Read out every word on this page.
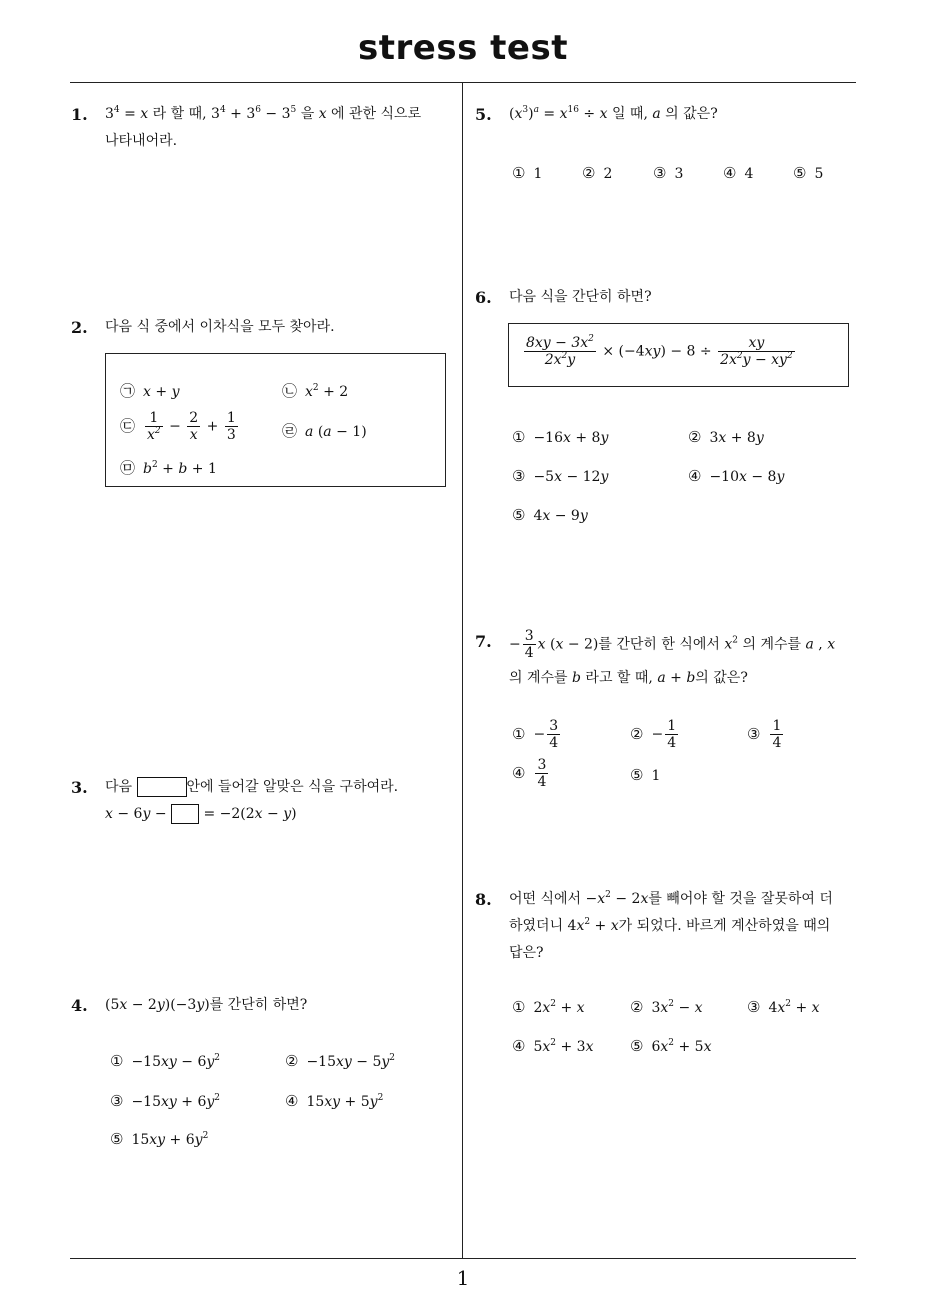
stress test
1
1. $3^4 = x$ 라 할 때, $3^4 + 3^6 - 3^5$ 을 x 에 관한 식으로
나타내어라.
2. 다음 식 중에서 이차식을 모두 찾아라.
㉠ x + y	㉡ $x^2 + 2$
㉢ $\frac{1}{x^2} - \frac{2}{x} + \frac{1}{3}$	㉣ a (a − 1)
㉤ $b^2 + b + 1$
3. 다음	안에 들어갈 알맞은 식을 구하여라.
x − 6y −  = −2(2x − y)
4. (5x − 2y)(−3y)를 간단히 하면?
① $-15xy - 6y^2$	② $-15xy - 5y^2$
③ $-15xy + 6y^2$	④ $15xy + 5y^2$
⑤ $15xy + 6y^2$
5. $(x^3)^a = x^{16} \div x$ 일 때, a 의 값은?
① 1	② 2	③ 3	④ 4	⑤ 5
6. 다음 식을 간단히 하면?
$\frac{8xy - 3x^2}{2x^2y} \times (-4xy) - 8 \div \frac{xy}{2x^2y - xy^2}$
① −16x + 8y	② 3x + 8y
③ −5x − 12y	④ −10x − 8y
⑤ 4x − 9y
7. − $\frac{3}{4}$ x (x − 2)를 간단히 한 식에서 $x^2$ 의 계수를 a , x
의 계수를 b 라고 할 때, a + b의 값은?
① − $\frac{3}{4}$	② − $\frac{1}{4}$	③ $\frac{1}{4}$
④ $\frac{3}{4}$	⑤ 1
8. 어떤 식에서 $-x^2 - 2x$를 빼어야 할 것을 잘못하여 더
하였더니 $4x^2 + x$가 되었다. 바르게 계산하였을 때의
답은?
① $2x^2 + x$	② $3x^2 - x$	③ $4x^2 + x$
④ $5x^2 + 3x$ ⑤ $6x^2 + 5x$
